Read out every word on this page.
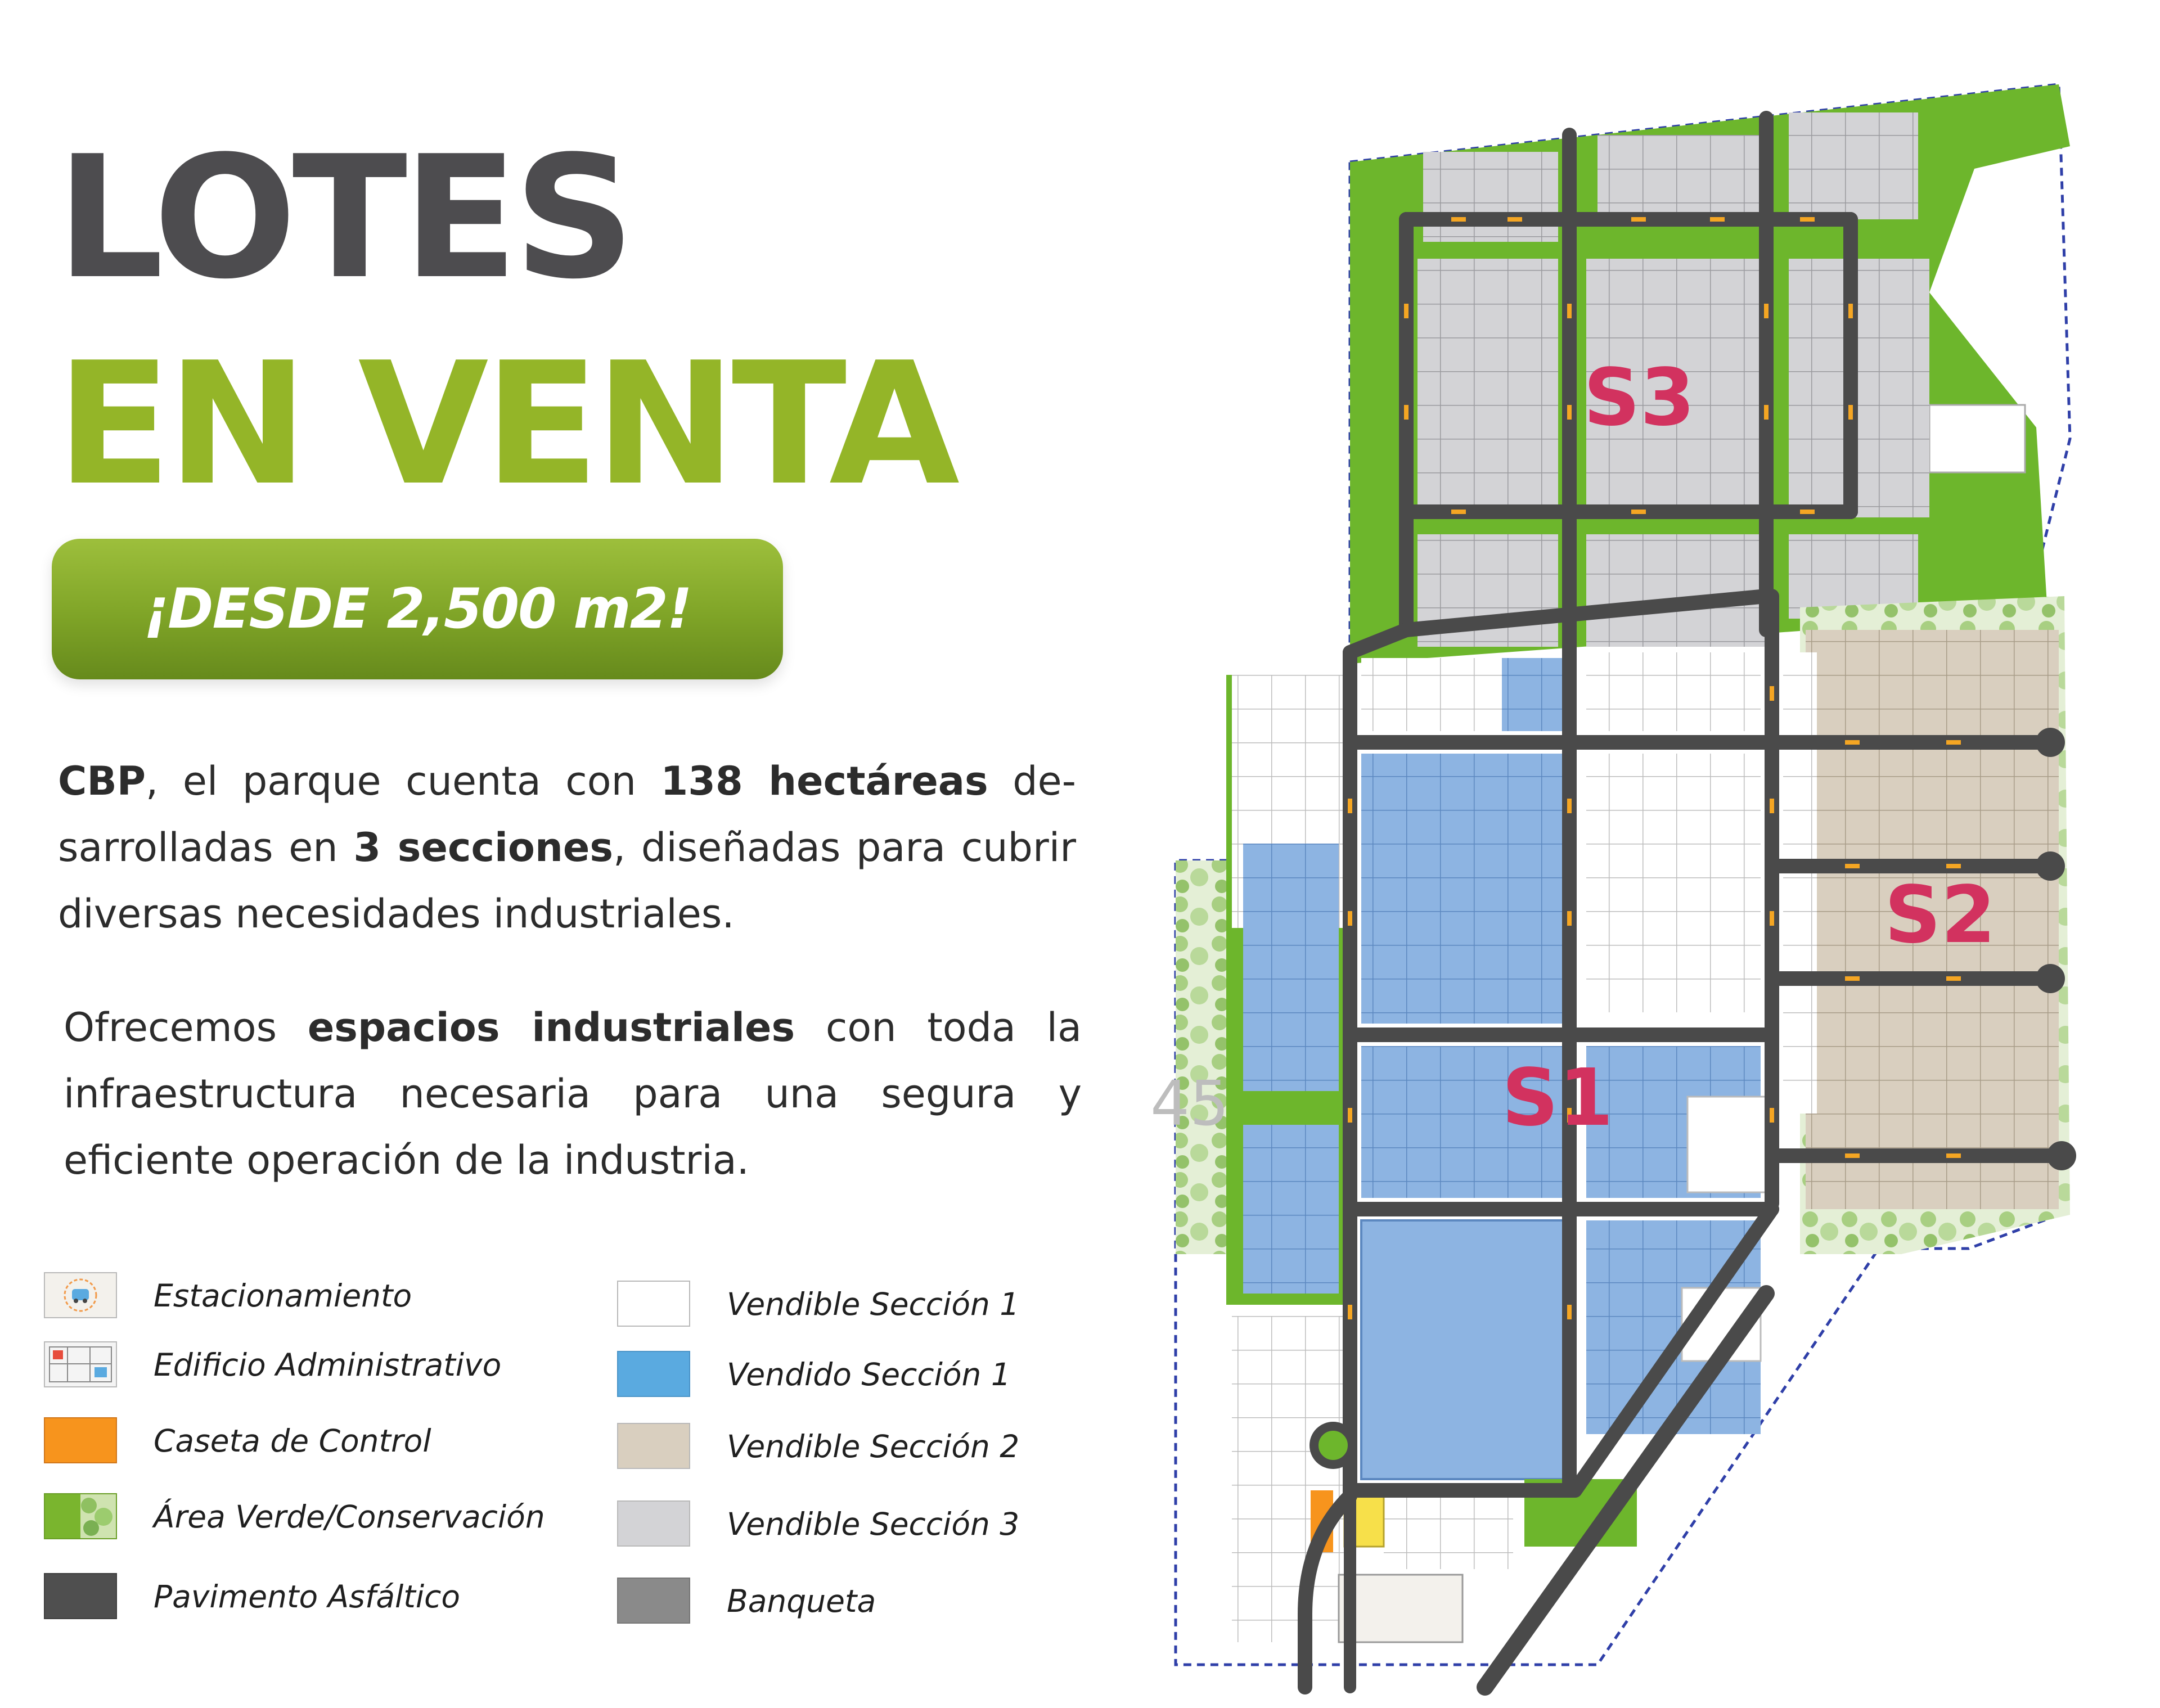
LOTES
EN VENTA
¡DESDE 2,500 m2!

CBP, el parque cuenta con 138 hectáreas de-sarrolladas en 3 secciones, diseñadas para cubrir diversas necesidades industriales.

Ofrecemos espacios industriales con toda la infraestructura necesaria para una segura y eficiente operación de la industria.

Estacionamiento
Edificio Administrativo
Caseta de Control
Área Verde/Conservación
Pavimento Asfáltico
Vendible Sección 1
Vendido Sección 1
Vendible Sección 2
Vendible Sección 3
Banqueta
S3
S2
S1
45
